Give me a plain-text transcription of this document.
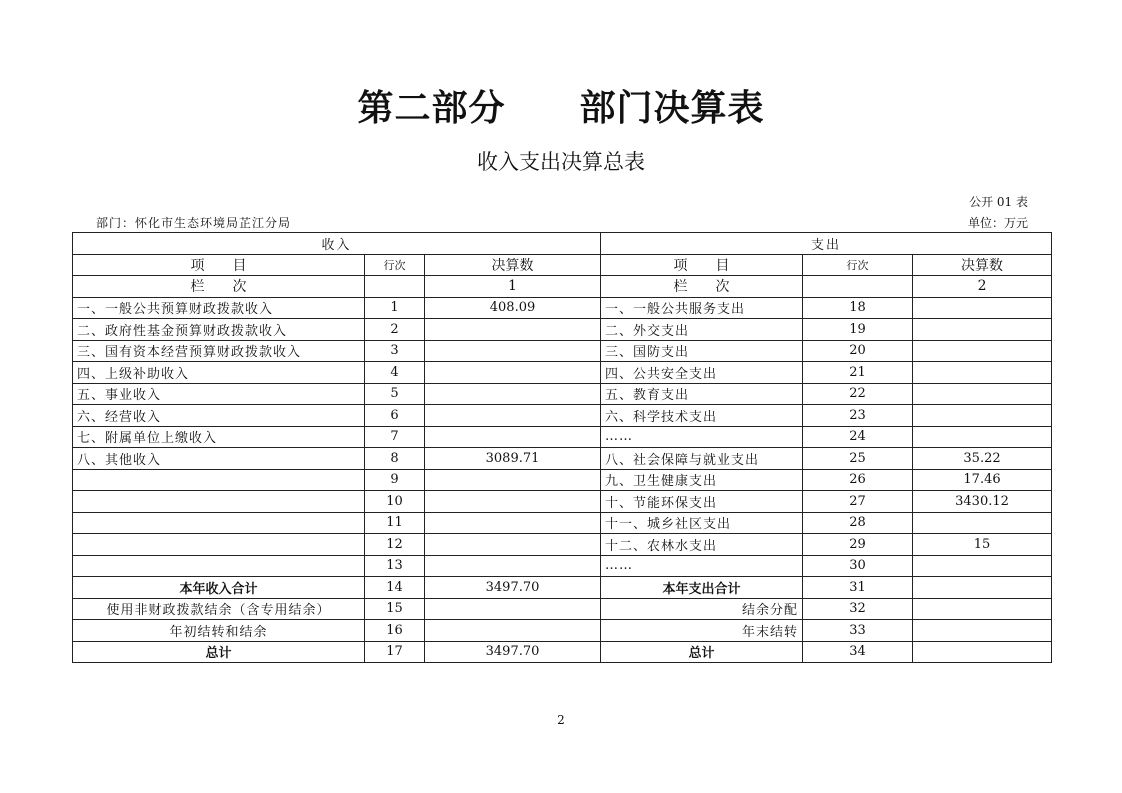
第二部分　　部门决算表
收入支出决算总表
公开 01 表
部门：怀化市生态环境局芷江分局	单位：万元
收入			支出		
项　　目	行次	决算数	项　　目	行次	决算数
栏　　次		1	栏　　次		2
一、一般公共预算财政拨款收入	1	408.09	一、一般公共服务支出	18	
二、政府性基金预算财政拨款收入	2		二、外交支出	19	
三、国有资本经营预算财政拨款收入	3		三、国防支出	20	
四、上级补助收入	4		四、公共安全支出	21	
五、事业收入	5		五、教育支出	22	
六、经营收入	6		六、科学技术支出	23	
七、附属单位上缴收入	7		……	24	
八、其他收入	8	3089.71	八、社会保障与就业支出	25	35.22
	9		九、卫生健康支出	26	17.46
	10		十、节能环保支出	27	3430.12
	11		十一、城乡社区支出	28	
	12		十二、农林水支出	29	15
	13		……	30	
本年收入合计	14	3497.70	本年支出合计	31	
使用非财政拨款结余（含专用结余）	15		结余分配	32	
年初结转和结余	16		年末结转	33	
总计	17	3497.70	总计	34	
2
